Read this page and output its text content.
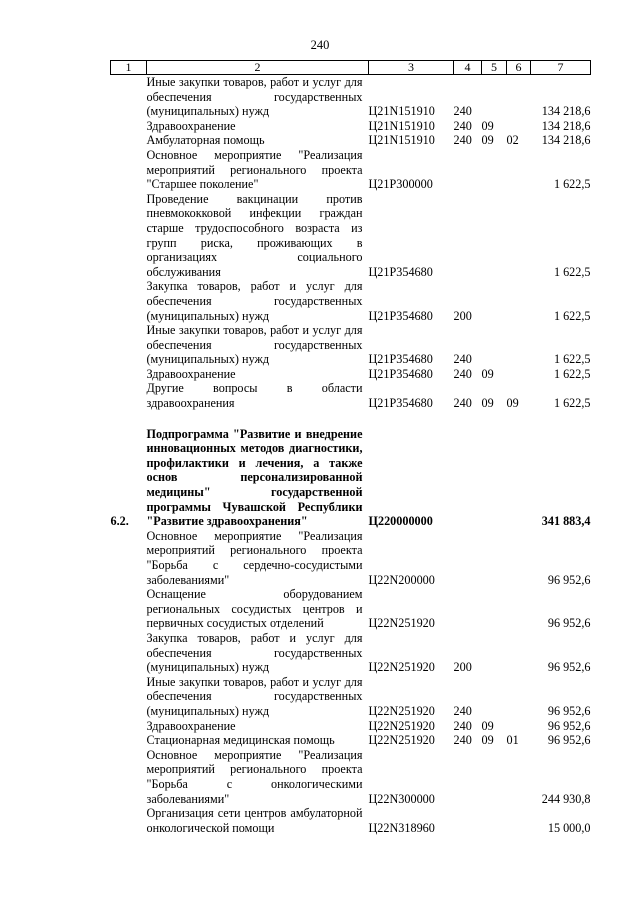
240
1	2	3	4	5	6	7
	Иные закупки товаров, работ и услуг для обеспечения государственных (муниципальных) нужд	Ц21N151910	240			134 218,6
	Здравоохранение	Ц21N151910	240	09		134 218,6
	Амбулаторная помощь	Ц21N151910	240	09	02	134 218,6
	Основное мероприятие "Реализация мероприятий регионального проекта "Старшее поколение"	Ц21P300000				1 622,5
	Проведение вакцинации против пневмококковой инфекции граждан старше трудоспособного возраста из групп риска, проживающих в организациях социального обслуживания	Ц21P354680				1 622,5
	Закупка товаров, работ и услуг для обеспечения государственных (муниципальных) нужд	Ц21P354680	200			1 622,5
	Иные закупки товаров, работ и услуг для обеспечения государственных (муниципальных) нужд	Ц21P354680	240			1 622,5
	Здравоохранение	Ц21P354680	240	09		1 622,5
	Другие вопросы в области здравоохранения	Ц21P354680	240	09	09	1 622,5

6.2.	Подпрограмма "Развитие и внедрение инновационных методов диагностики, профилактики и лечения, а также основ персонализированной медицины" государственной программы Чувашской Республики "Развитие здравоохранения"	Ц220000000				341 883,4
	Основное мероприятие "Реализация мероприятий регионального проекта "Борьба с сердечно-сосудистыми заболеваниями"	Ц22N200000				96 952,6
	Оснащение оборудованием региональных сосудистых центров и первичных сосудистых отделений	Ц22N251920				96 952,6
	Закупка товаров, работ и услуг для обеспечения государственных (муниципальных) нужд	Ц22N251920	200			96 952,6
	Иные закупки товаров, работ и услуг для обеспечения государственных (муниципальных) нужд	Ц22N251920	240			96 952,6
	Здравоохранение	Ц22N251920	240	09		96 952,6
	Стационарная медицинская помощь	Ц22N251920	240	09	01	96 952,6
	Основное мероприятие "Реализация мероприятий регионального проекта "Борьба с онкологическими заболеваниями"	Ц22N300000				244 930,8
	Организация сети центров амбулаторной онкологической помощи	Ц22N318960				15 000,0
